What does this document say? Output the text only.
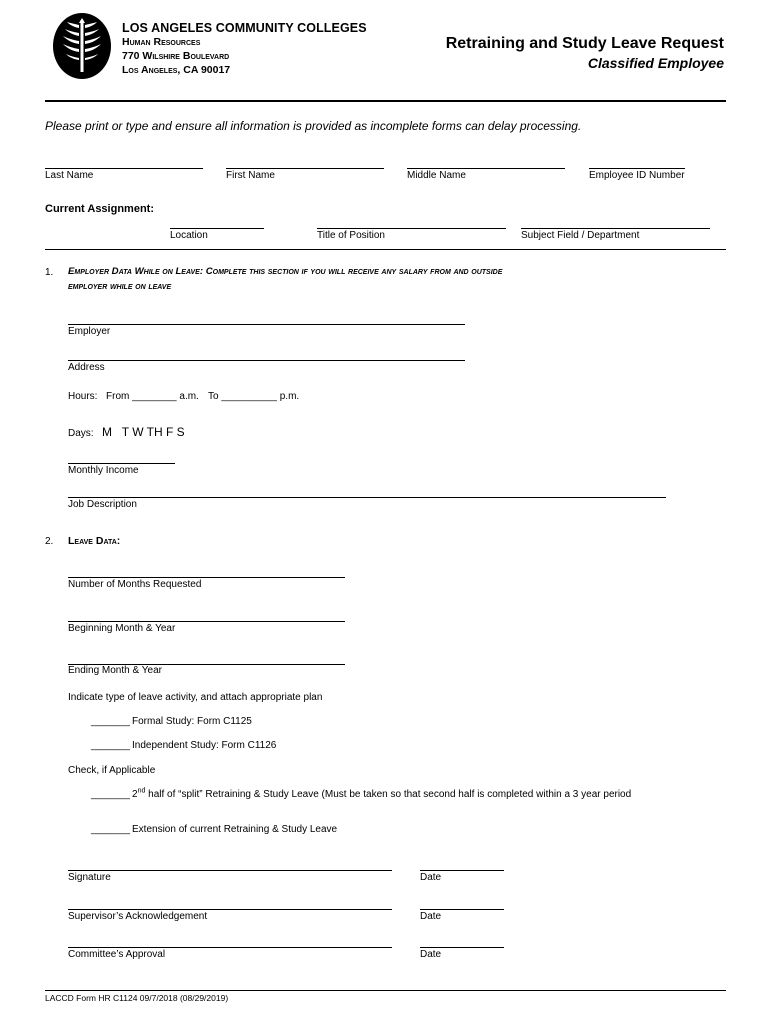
LOS ANGELES COMMUNITY COLLEGES
Human Resources
770 Wilshire Boulevard
Los Angeles, CA 90017
Retraining and Study Leave Request
Classified Employee
Please print or type and ensure all information is provided as incomplete forms can delay processing.
Last Name	First Name	Middle Name	Employee ID Number
Current Assignment:
Location	Title of Position	Subject Field / Department
1. Employer Data While on Leave: Complete this section if you will receive any salary from and outside
employer while on leave
Employer
Address
Hours: From ________ a.m. To __________ p.m.
Days: M   T W TH F S
Monthly Income
Job Description
2. Leave Data:
Number of Months Requested
Beginning Month & Year
Ending Month & Year
Indicate type of leave activity, and attach appropriate plan
_______ Formal Study: Form C1125
_______ Independent Study: Form C1126
Check, if Applicable
_______ 2nd half of “split” Retraining & Study Leave (Must be taken so that second half is completed within a 3 year period
_______ Extension of current Retraining & Study Leave
Signature	Date
Supervisor’s Acknowledgement	Date
Committee’s Approval	Date
LACCD Form HR C1124 09/7/2018 (08/29/2019)
